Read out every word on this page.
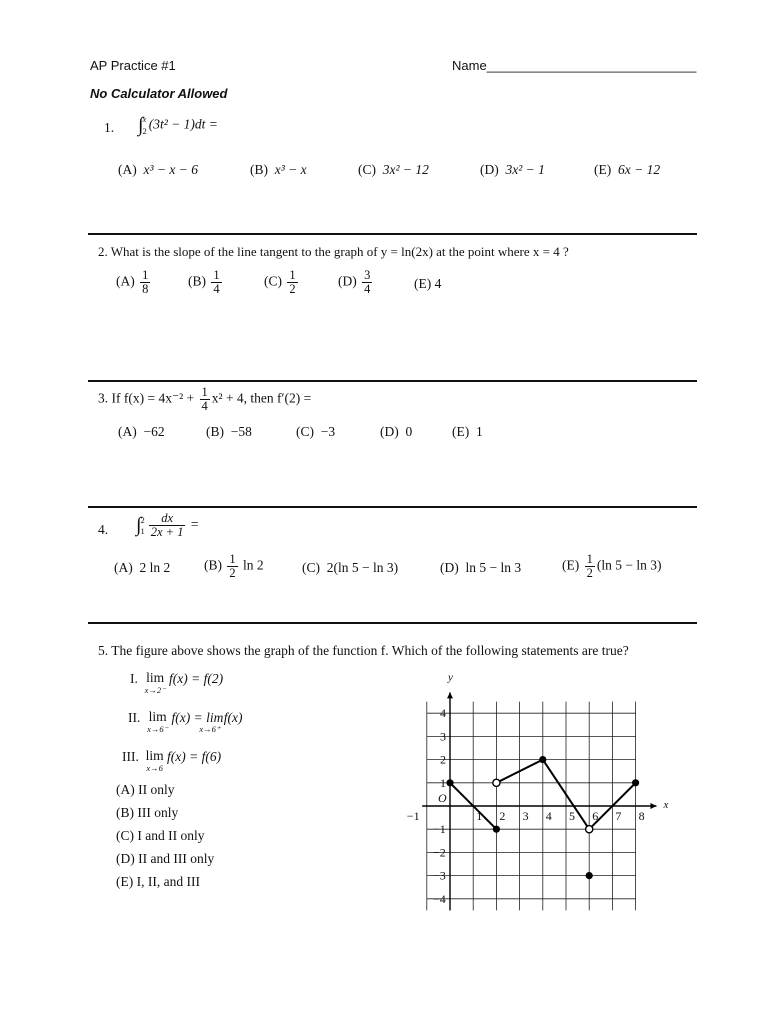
AP Practice #1	Name_____________________________
No Calculator Allowed
1. ∫ x
2 (3t² − 1)dt =
(A) x³ − x − 6	(B) x³ − x	(C) 3x² − 12	(D) 3x² − 1	(E) 6x − 12
2. What is the slope of the line tangent to the graph of y = ln(2x) at the point where x = 4 ?
$(A) \frac{1}{8}$	$(B) \frac{1}{4}$	$(C) \frac{1}{2}$	$(D) \frac{3}{4}$	(E) 4
3. If $f(x) = 4x^{-2} + \frac{1}{4} x^2 + 4$, then f′(2) =
(A) −62	(B) −58	(C) −3	(D) 0	(E) 1
4. ∫ 2
$1 \frac{dx}{2x + 1}$ =
(A) 2 ln 2 $(B) \frac{1}{2}$ ln 2	(C) 2(ln 5 − ln 3)	(D) ln 5 − ln 3	$(E) \frac{1}{2} (\ln$ 5 − ln 3)
5. The figure above shows the graph of the function f. Which of the following statements are true?
I. lim
x→2⁻
f(x) = f(2)
II. lim
x→6⁻
f(x) = lim
x→6⁺
f(x)
III. lim
x→6
f(x) = f(6)
(A) II only
(B) III only
(C) I and II only
(D) II and III only
(E) I, II, and III
x
y
O
−1	1 2 3 4 5 6 7 8
4
3
2
1
−1
−2
−3
−4
